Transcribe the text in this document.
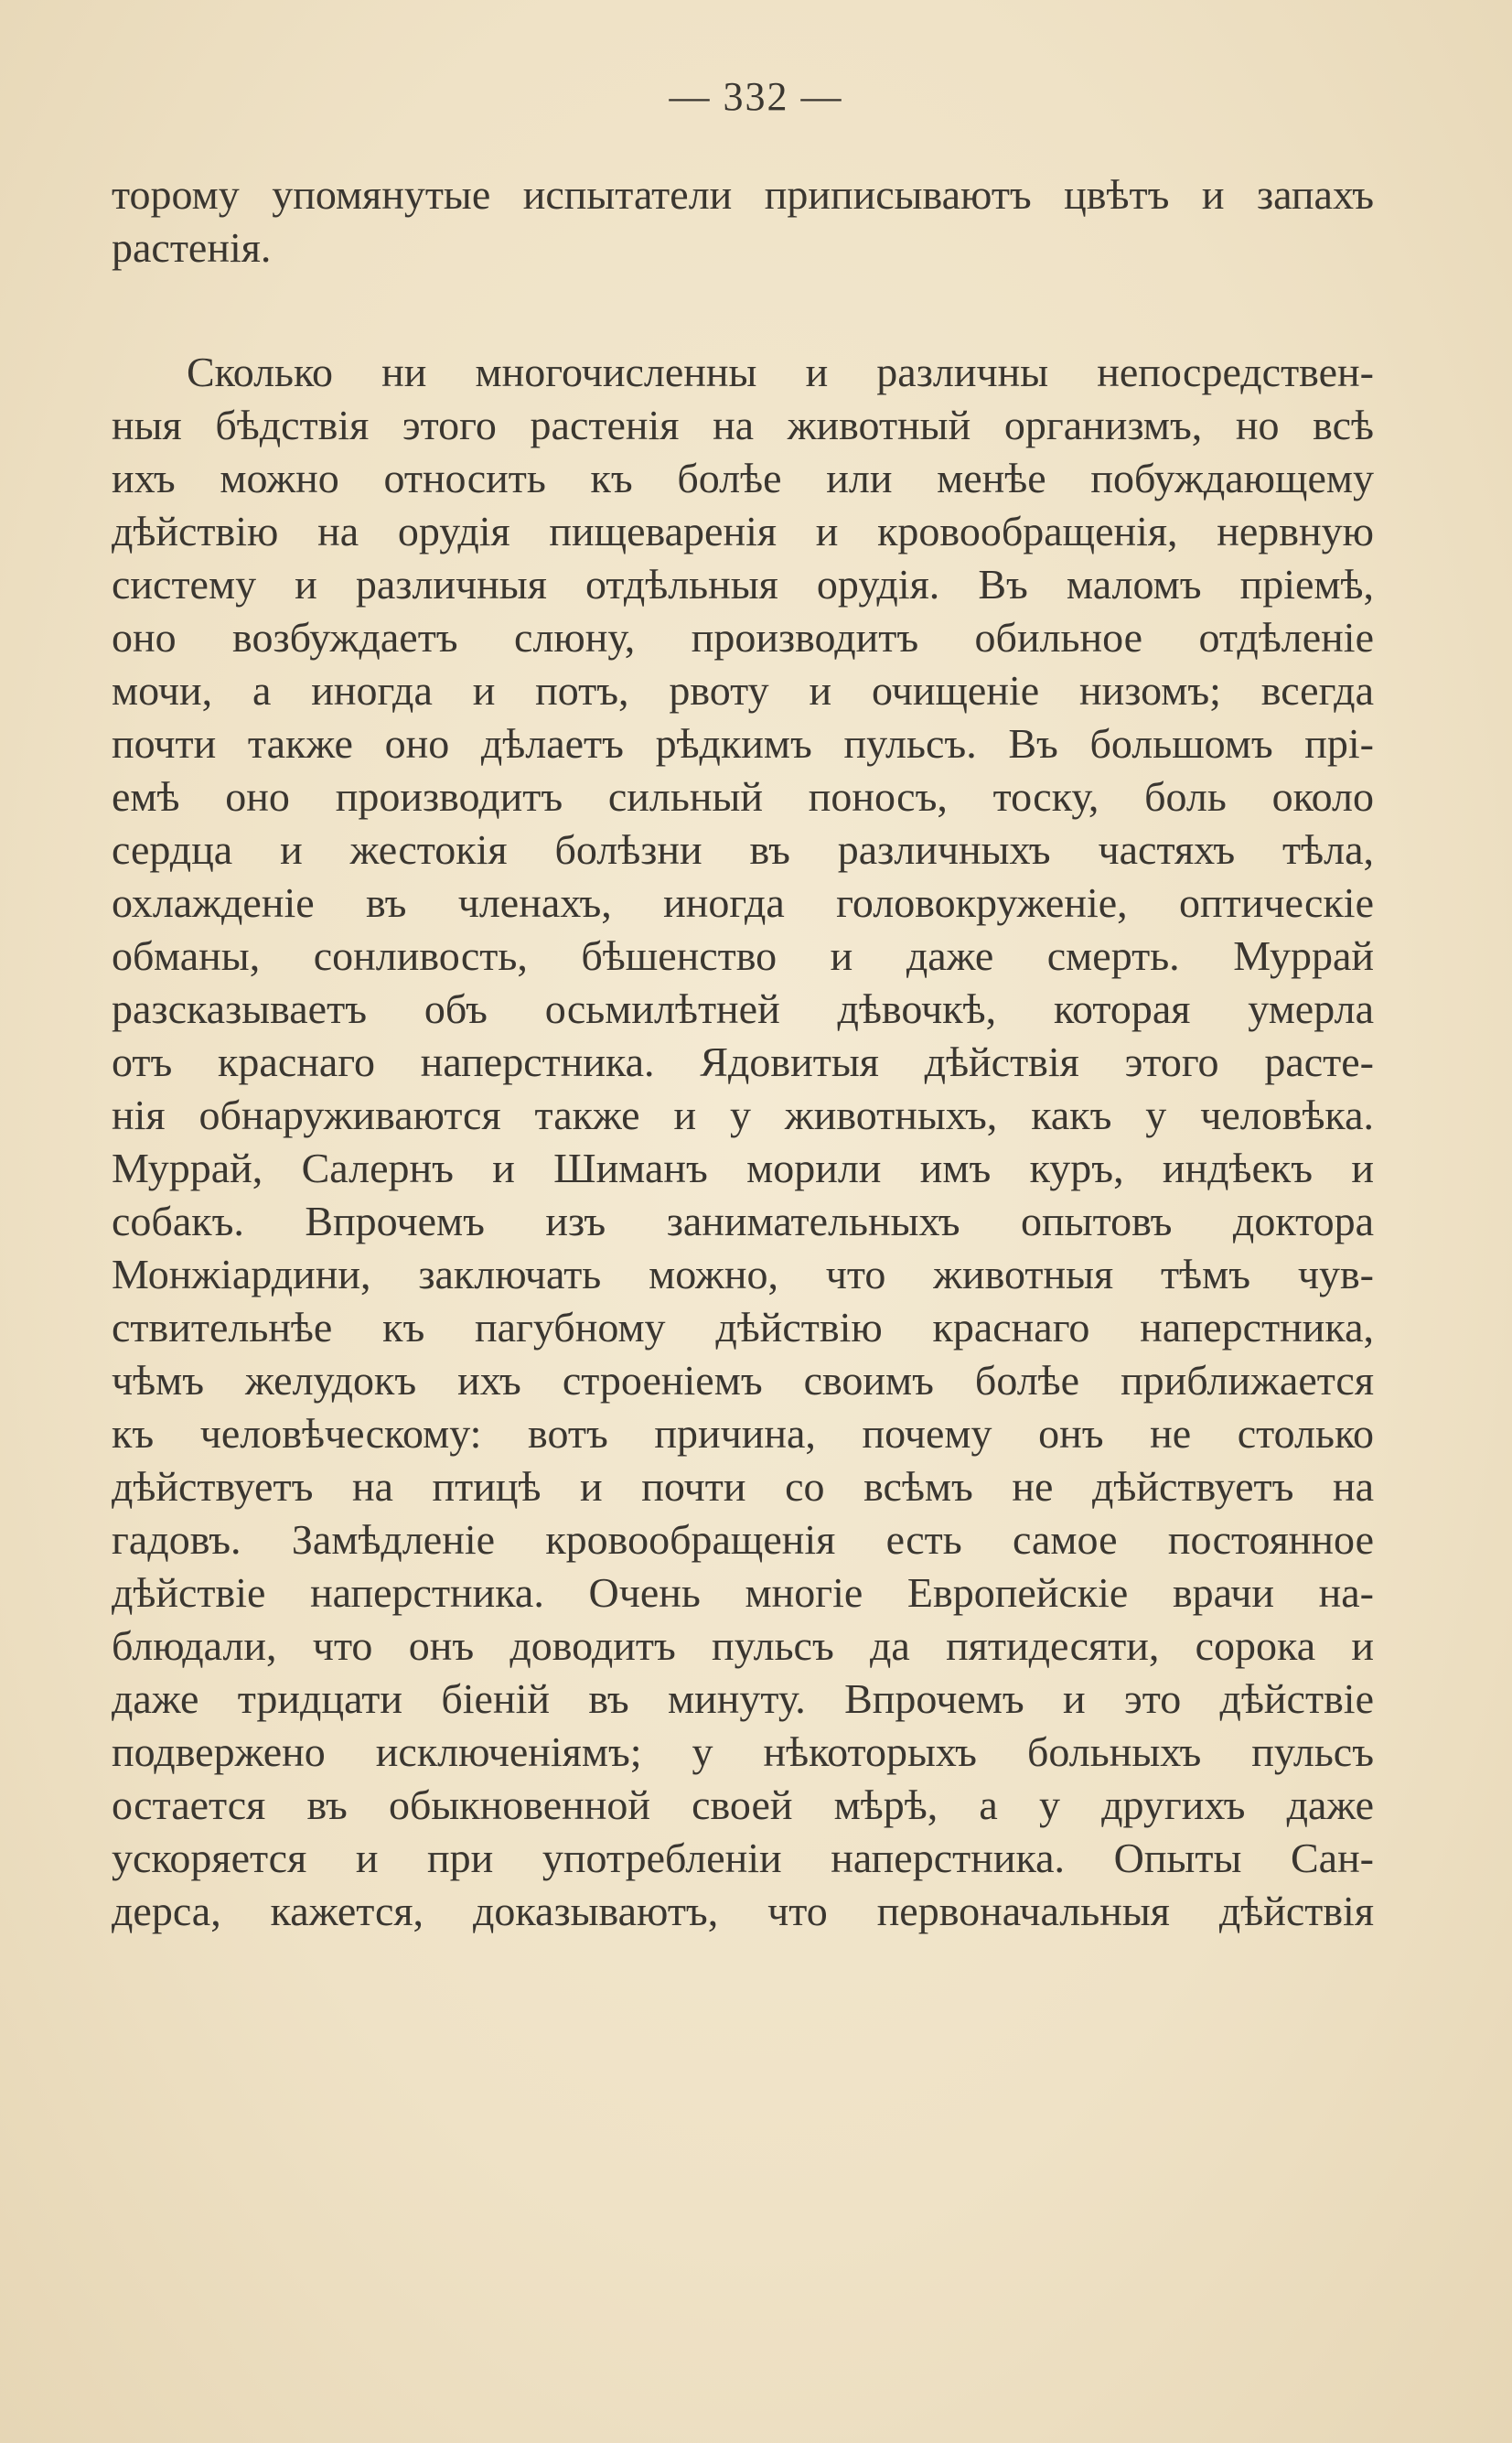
— 332 —
торому упомянутые испытатели приписываютъ цвѣтъ и запахъ
растенія.
Сколько ни многочисленны и различны непосредствен-
ныя бѣдствія этого растенія на животный организмъ, но всѣ
ихъ можно относить къ болѣе или менѣе побуждающему
дѣйствію на орудія пищеваренія и кровообращенія, нервную
систему и различныя отдѣльныя орудія. Въ маломъ пріемѣ,
оно возбуждаетъ слюну, производитъ обильное отдѣленіе
мочи, а иногда и потъ, рвоту и очищеніе низомъ; всегда
почти также оно дѣлаетъ рѣдкимъ пульсъ. Въ большомъ прі-
емѣ оно производитъ сильный поносъ, тоску, боль около
сердца и жестокія болѣзни въ различныхъ частяхъ тѣла,
охлажденіе въ членахъ, иногда головокруженіе, оптическіе
обманы, сонливость, бѣшенство и даже смерть. Муррай
разсказываетъ объ осьмилѣтней дѣвочкѣ, которая умерла
отъ краснаго наперстника. Ядовитыя дѣйствія этого расте-
нія обнаруживаются также и у животныхъ, какъ у человѣка.
Муррай, Салернъ и Шиманъ морили имъ куръ, индѣекъ и
собакъ. Впрочемъ изъ занимательныхъ опытовъ доктора
Монжіардини, заключать можно, что животныя тѣмъ чув-
ствительнѣе къ пагубному дѣйствію краснаго наперстника,
чѣмъ желудокъ ихъ строеніемъ своимъ болѣе приближается
къ человѣческому: вотъ причина, почему онъ не столько
дѣйствуетъ на птицѣ и почти со всѣмъ не дѣйствуетъ на
гадовъ. Замѣдленіе кровообращенія есть самое постоянное
дѣйствіе наперстника. Очень многіе Европейскіе врачи на-
блюдали, что онъ доводитъ пульсъ да пятидесяти, сорока и
даже тридцати біеній въ минуту. Впрочемъ и это дѣйствіе
подвержено исключеніямъ; у нѣкоторыхъ больныхъ пульсъ
остается въ обыкновенной своей мѣрѣ, а у другихъ даже
ускоряется и при употребленіи наперстника. Опыты Сан-
дерса, кажется, доказываютъ, что первоначальныя дѣйствія
